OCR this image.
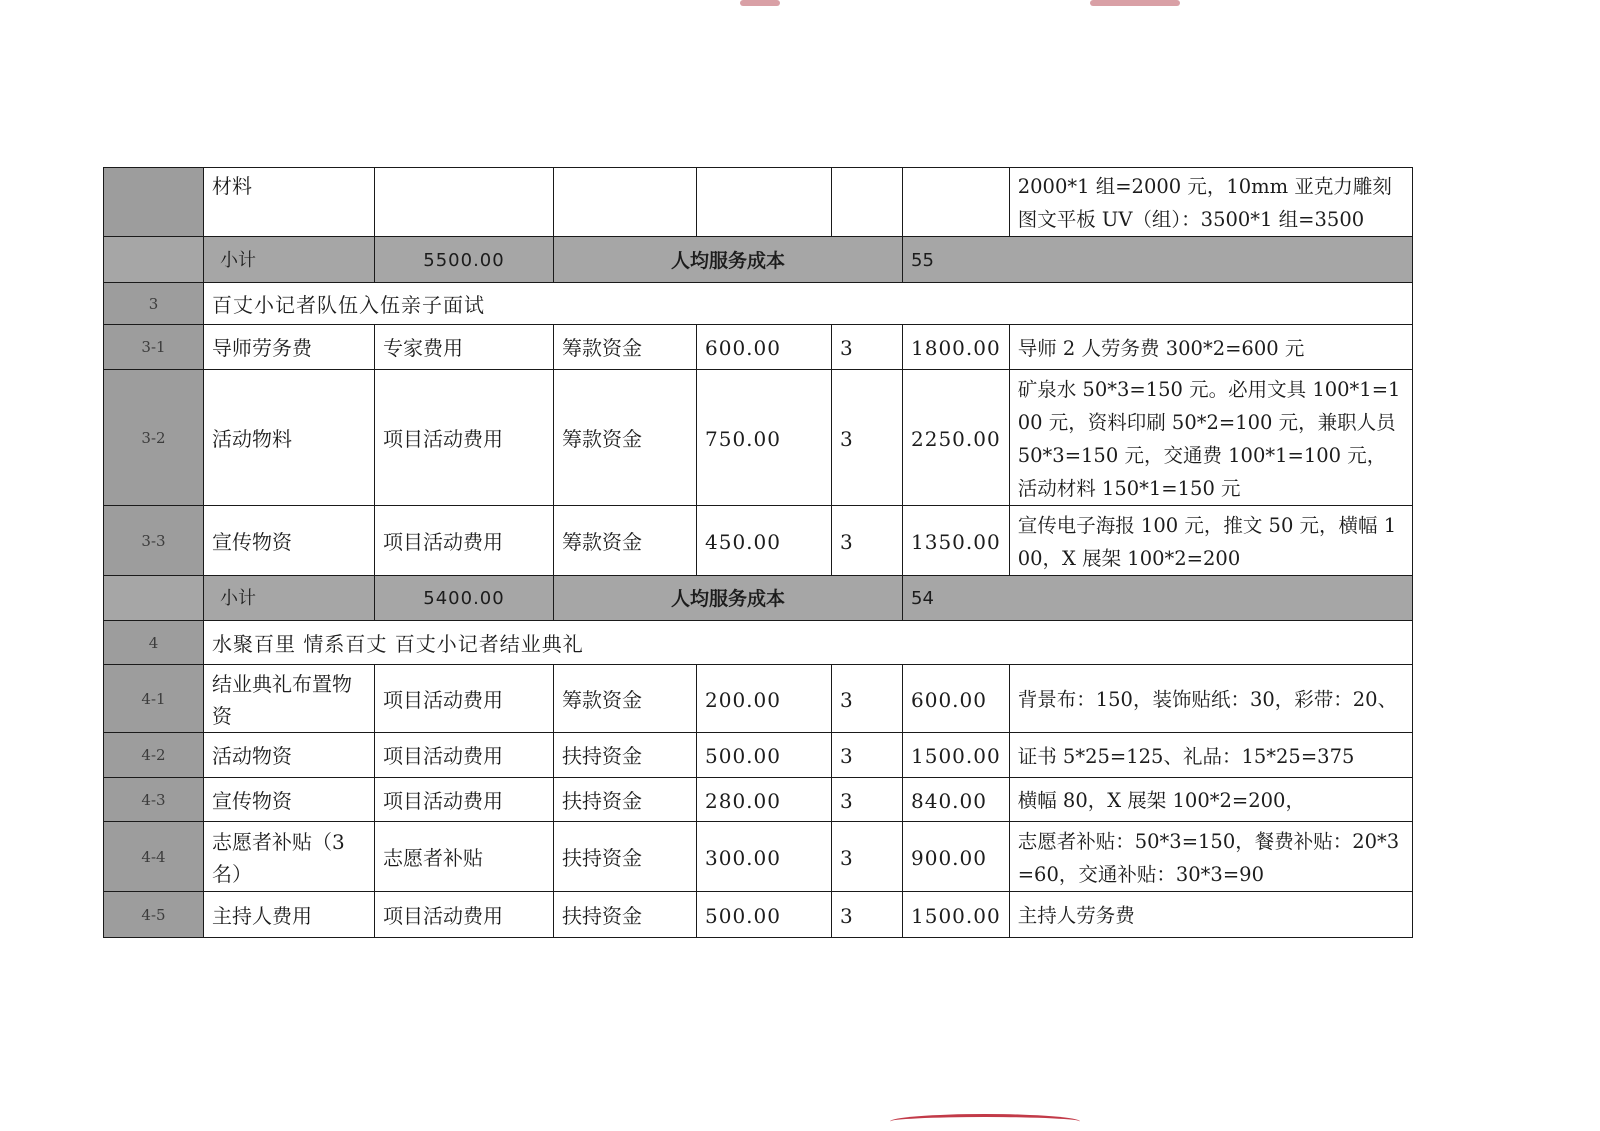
	材料						2000*1 组=2000 元，10mm 亚克力雕刻图文平板 UV（组）：3500*1 组=3500
	小计	5500.00	人均服务成本			55	
3	百丈小记者队伍入伍亲子面试						
3-1	导师劳务费	专家费用	筹款资金	600.00	3	1800.00	导师 2 人劳务费 300*2=600 元
3-2	活动物料	项目活动费用	筹款资金	750.00	3	2250.00	矿泉水 50*3=150 元。必用文具 100*1=100 元，资料印刷 50*2=100 元，兼职人员 50*3=150 元，交通费 100*1=100 元，活动材料 150*1=150 元
3-3	宣传物资	项目活动费用	筹款资金	450.00	3	1350.00	宣传电子海报 100 元，推文 50 元，横幅 100，X 展架 100*2=200
	小计	5400.00	人均服务成本			54	
4	水聚百里 情系百丈 百丈小记者结业典礼						
4-1	结业典礼布置物资	项目活动费用	筹款资金	200.00	3	600.00	背景布：150，装饰贴纸：30，彩带：20、
4-2	活动物资	项目活动费用	扶持资金	500.00	3	1500.00	证书 5*25=125、礼品：15*25=375
4-3	宣传物资	项目活动费用	扶持资金	280.00	3	840.00	横幅 80，X 展架 100*2=200，
4-4	志愿者补贴（3 名）	志愿者补贴	扶持资金	300.00	3	900.00	志愿者补贴：50*3=150，餐费补贴：20*3=60，交通补贴：30*3=90
4-5	主持人费用	项目活动费用	扶持资金	500.00	3	1500.00	主持人劳务费
